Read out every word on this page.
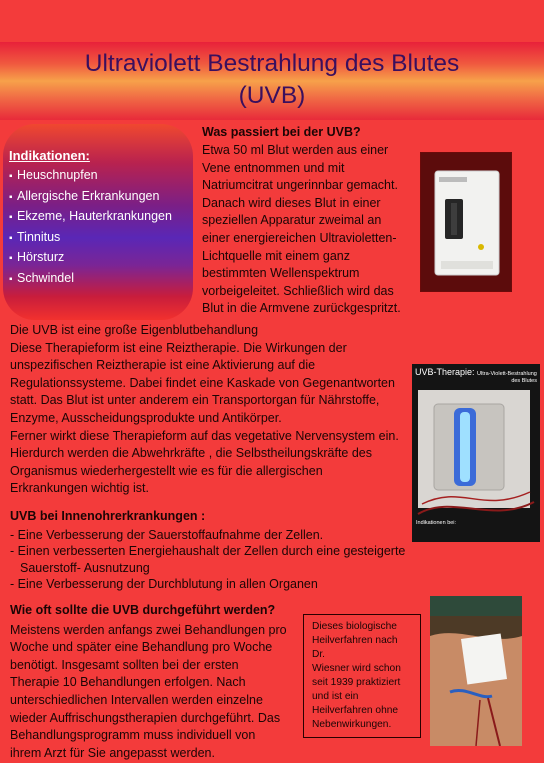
Ultraviolett Bestrahlung des Blutes
(UVB)
Indikationen:
▪ Heuschnupfen
▪ Allergische Erkrankungen
▪ Ekzeme, Hauterkrankungen
▪ Tinnitus
▪ Hörsturz
▪ Schwindel
Was passiert bei der UVB?
Etwa 50 ml Blut werden aus einer
Vene entnommen und mit
Natriumcitrat ungerinnbar gemacht.
Danach wird dieses Blut in einer
speziellen Apparatur zweimal an
einer energiereichen Ultravioletten-
Lichtquelle mit einem ganz
bestimmten Wellenspektrum
vorbeigeleitet. Schließlich wird das
Blut in die Armvene zurückgespritzt.
Die UVB ist eine große Eigenblutbehandlung
Diese Therapieform ist eine Reiztherapie. Die Wirkungen der
unspezifischen Reiztherapie ist eine Aktivierung auf die
Regulationssysteme. Dabei findet eine Kaskade von Gegenantworten
statt. Das Blut ist unter anderem ein Transportorgan für Nährstoffe,
Enzyme, Ausscheidungsprodukte und Antikörper.
Ferner wirkt diese Therapieform auf das vegetative Nervensystem ein.
Hierdurch werden die Abwehrkräfte , die Selbstheilungskräfte des
Organismus wiederhergestellt wie es für die allergischen
Erkrankungen wichtig ist.
UVB-Therapie: Ultra-Violett-Bestrahlung
des Blutes
Indikationen bei:
UVB bei Innenohrerkrankungen :
- Eine Verbesserung der Sauerstoffaufnahme der Zellen.
- Einen verbesserten Energiehaushalt der Zellen durch eine gesteigerte
Sauerstoff- Ausnutzung
- Eine Verbesserung der Durchblutung in allen Organen
Wie oft sollte die UVB durchgeführt werden?
Meistens werden anfangs zwei Behandlungen pro
Woche und später eine Behandlung pro Woche
benötigt. Insgesamt sollten bei der ersten
Therapie 10 Behandlungen erfolgen. Nach
unterschiedlichen Intervallen werden einzelne
wieder Auffrischungstherapien durchgeführt. Das
Behandlungsprogramm muss individuell von
ihrem Arzt für Sie angepasst werden.
Dieses biologische
Heilverfahren nach Dr.
Wiesner wird schon
seit 1939 praktiziert
und ist ein
Heilverfahren ohne
Nebenwirkungen.
